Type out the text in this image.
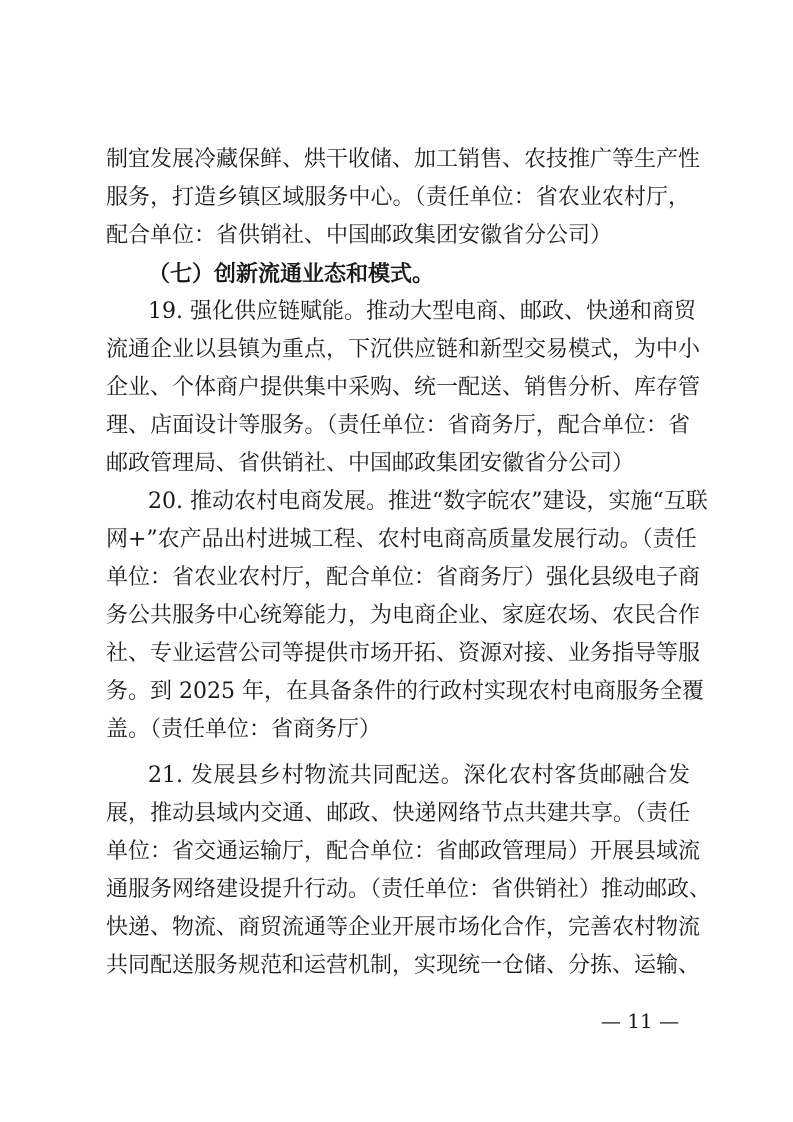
制宜发展冷藏保鲜、烘干收储、加工销售、农技推广等生产性
服务，打造乡镇区域服务中心。（责任单位：省农业农村厅，
配合单位：省供销社、中国邮政集团安徽省分公司）
（七）创新流通业态和模式。
19. 强化供应链赋能。推动大型电商、邮政、快递和商贸
流通企业以县镇为重点，下沉供应链和新型交易模式，为中小
企业、个体商户提供集中采购、统一配送、销售分析、库存管
理、店面设计等服务。（责任单位：省商务厅，配合单位：省
邮政管理局、省供销社、中国邮政集团安徽省分公司）
20. 推动农村电商发展。推进“数字皖农”建设，实施“互联
网+”农产品出村进城工程、农村电商高质量发展行动。（责任
单位：省农业农村厅，配合单位：省商务厅）强化县级电子商
务公共服务中心统筹能力，为电商企业、家庭农场、农民合作
社、专业运营公司等提供市场开拓、资源对接、业务指导等服
务。到 2025 年，在具备条件的行政村实现农村电商服务全覆
盖。（责任单位：省商务厅）
21. 发展县乡村物流共同配送。深化农村客货邮融合发
展，推动县域内交通、邮政、快递网络节点共建共享。（责任
单位：省交通运输厅，配合单位：省邮政管理局）开展县域流
通服务网络建设提升行动。（责任单位：省供销社）推动邮政、
快递、物流、商贸流通等企业开展市场化合作，完善农村物流
共同配送服务规范和运营机制，实现统一仓储、分拣、运输、
— 11 —
